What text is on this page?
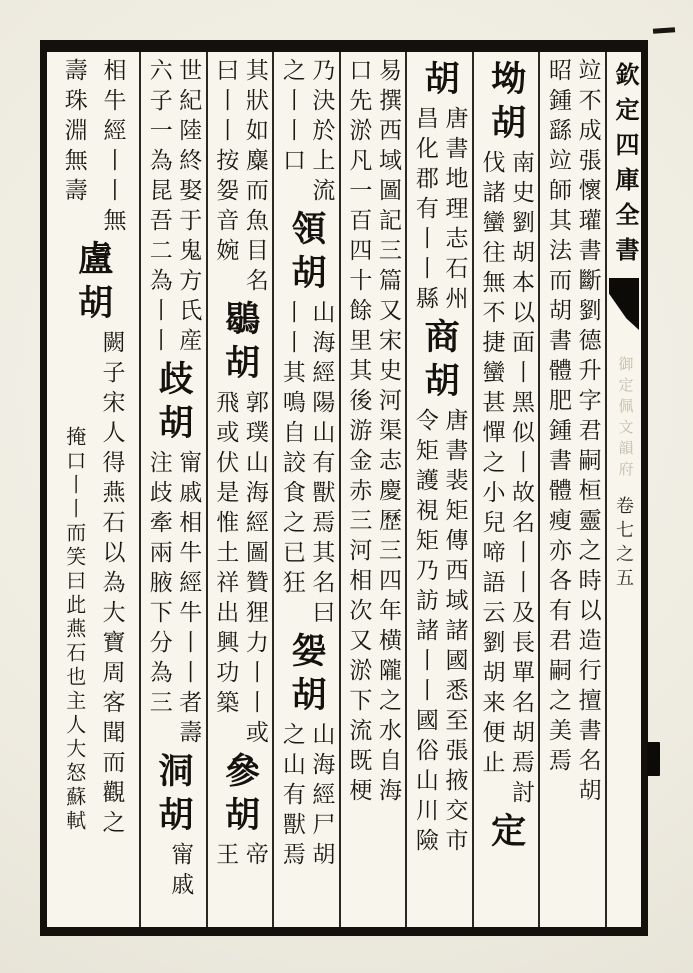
欽定四庫全書
御定佩文韻府
卷七之五
竝不成張懷瓘書斷劉德升字君嗣桓靈之時以造行擅書名胡
昭鍾繇竝師其法而胡書體肥鍾書體瘦亦各有君嗣之美焉
坳胡
南史劉胡本以面丨黑似丨故名丨丨及長單名胡焉討
伐諸蠻往無不捷蠻甚憚之小兒啼語云劉胡来便止
定
胡
唐書地理志石州
昌化郡有丨丨縣
商胡
唐書裴矩傳西域諸國悉至張掖交市
令矩護視矩乃訪諸丨丨國俗山川險
易撰西域圖記三篇又宋史河渠志慶歷三四年横隴之水自海
口先淤凡一百四十餘里其後游金赤三河相次又淤下流既梗
乃決於上流
之丨丨口
領胡
山海經陽山有獸焉其名曰
丨丨其鳴自詨食之已狂
妴胡
山海經尸胡
之山有獸焉
其狀如麋而魚目名
曰丨丨按妴音婉
鶡胡
郭璞山海經圖贊狸力丨丨或
飛或伏是惟土祥出興功築
參胡
帝
王
世紀陸終娶于鬼方氏産
六子一為昆吾二為丨丨
歧胡
甯戚相牛經牛丨丨者壽
注歧牽兩腋下分為三
洞胡
甯戚
相牛經丨丨無
壽珠淵無壽
盧胡
闕子宋人得燕石以為大寶周客聞而觀之
掩口丨丨而笑曰此燕石也主人大怒蘇軾
